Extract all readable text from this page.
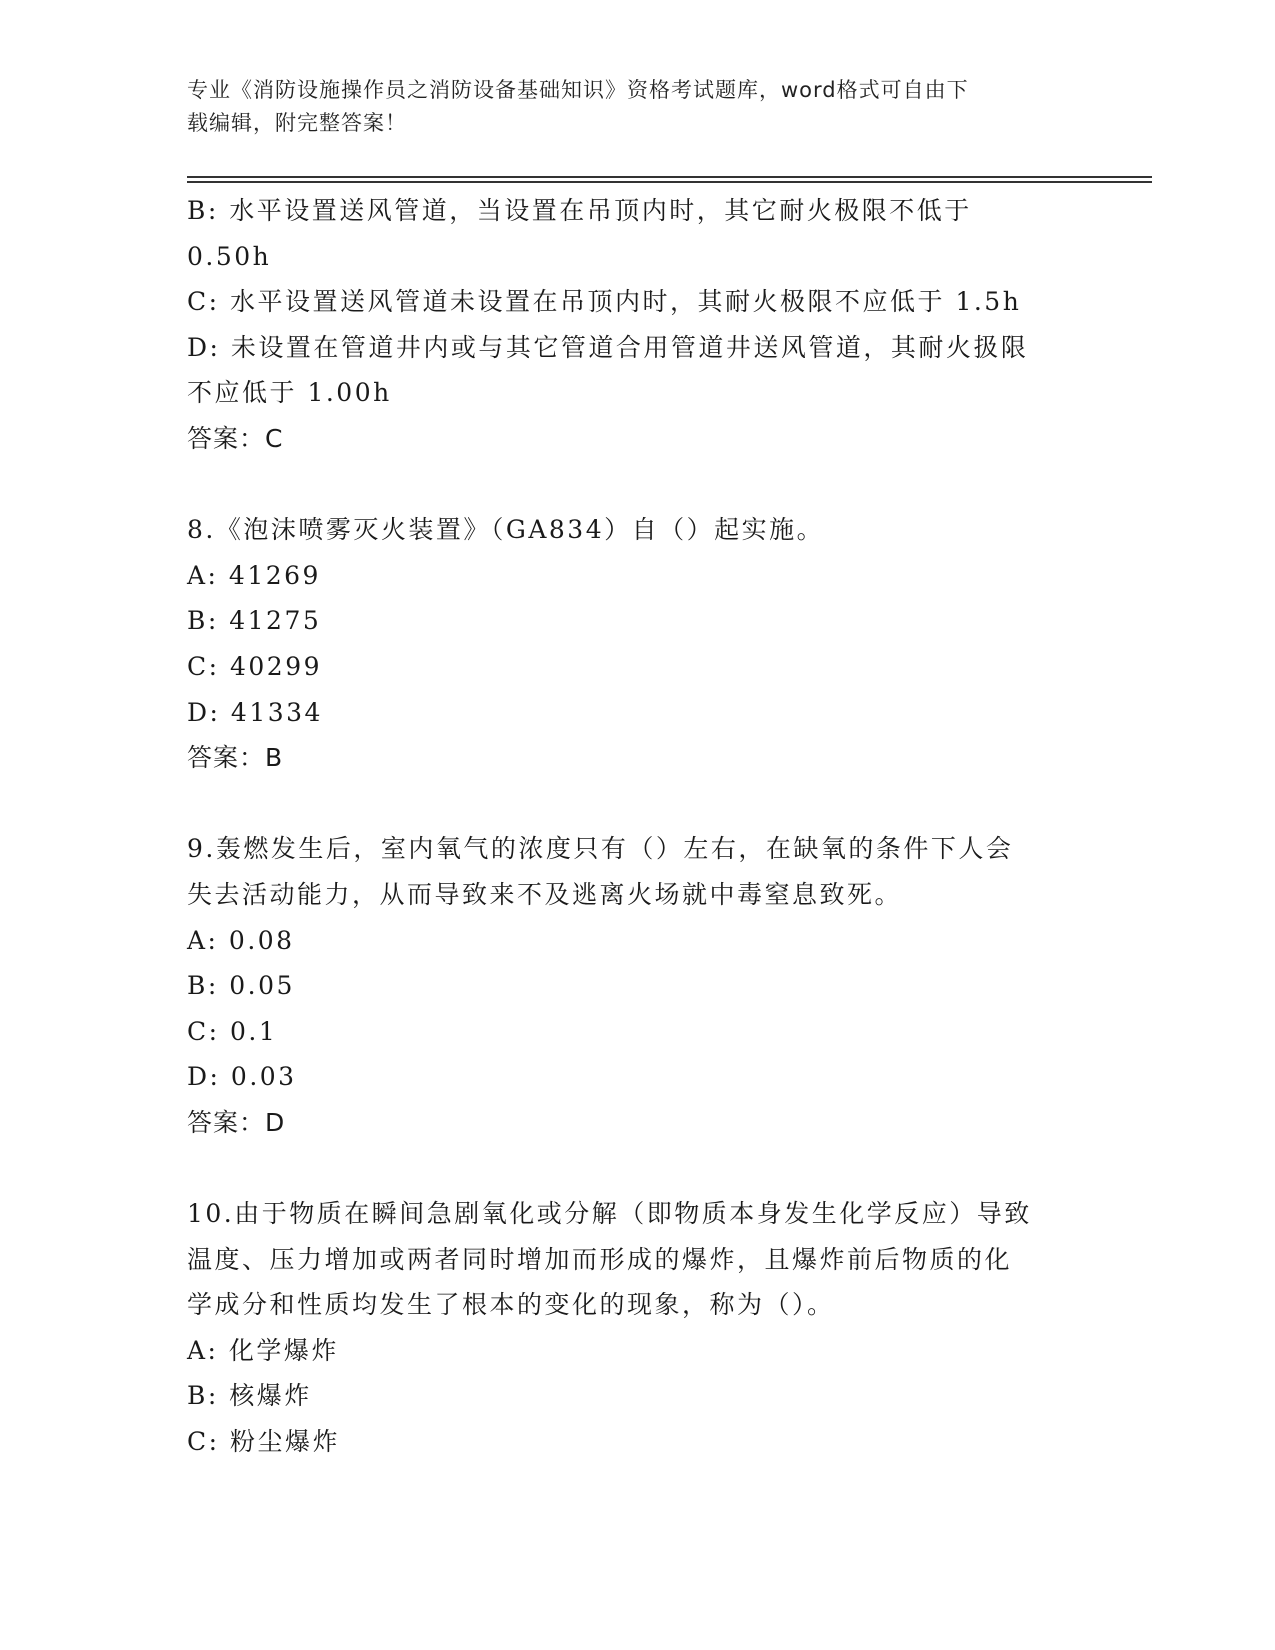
专业《消防设施操作员之消防设备基础知识》资格考试题库，word格式可自由下
载编辑，附完整答案！
B: 水平设置送风管道，当设置在吊顶内时，其它耐火极限不低于
0.50h
C: 水平设置送风管道未设置在吊顶内时，其耐火极限不应低于 1.5h
D: 未设置在管道井内或与其它管道合用管道井送风管道，其耐火扱限
不应低于 1.00h
答案：C
8.《泡沫喷雾灭火装置》（GA834）自（）起实施。
A: 41269
B: 41275
C: 40299
D: 41334
答案：B
9.轰燃发生后，室内氧气的浓度只有（）左右，在缺氧的条件下人会
失去活动能力，从而导致来不及逃离火场就中毒窒息致死。
A: 0.08
B: 0.05
C: 0.1
D: 0.03
答案：D
10.由于物质在瞬间急剧氧化或分解（即物质本身发生化学反应）导致
温度、压力增加或两者同时增加而形成的爆炸，且爆炸前后物质的化
学成分和性质均发生了根本的变化的现象，称为（）。
A: 化学爆炸
B: 核爆炸
C: 粉尘爆炸
